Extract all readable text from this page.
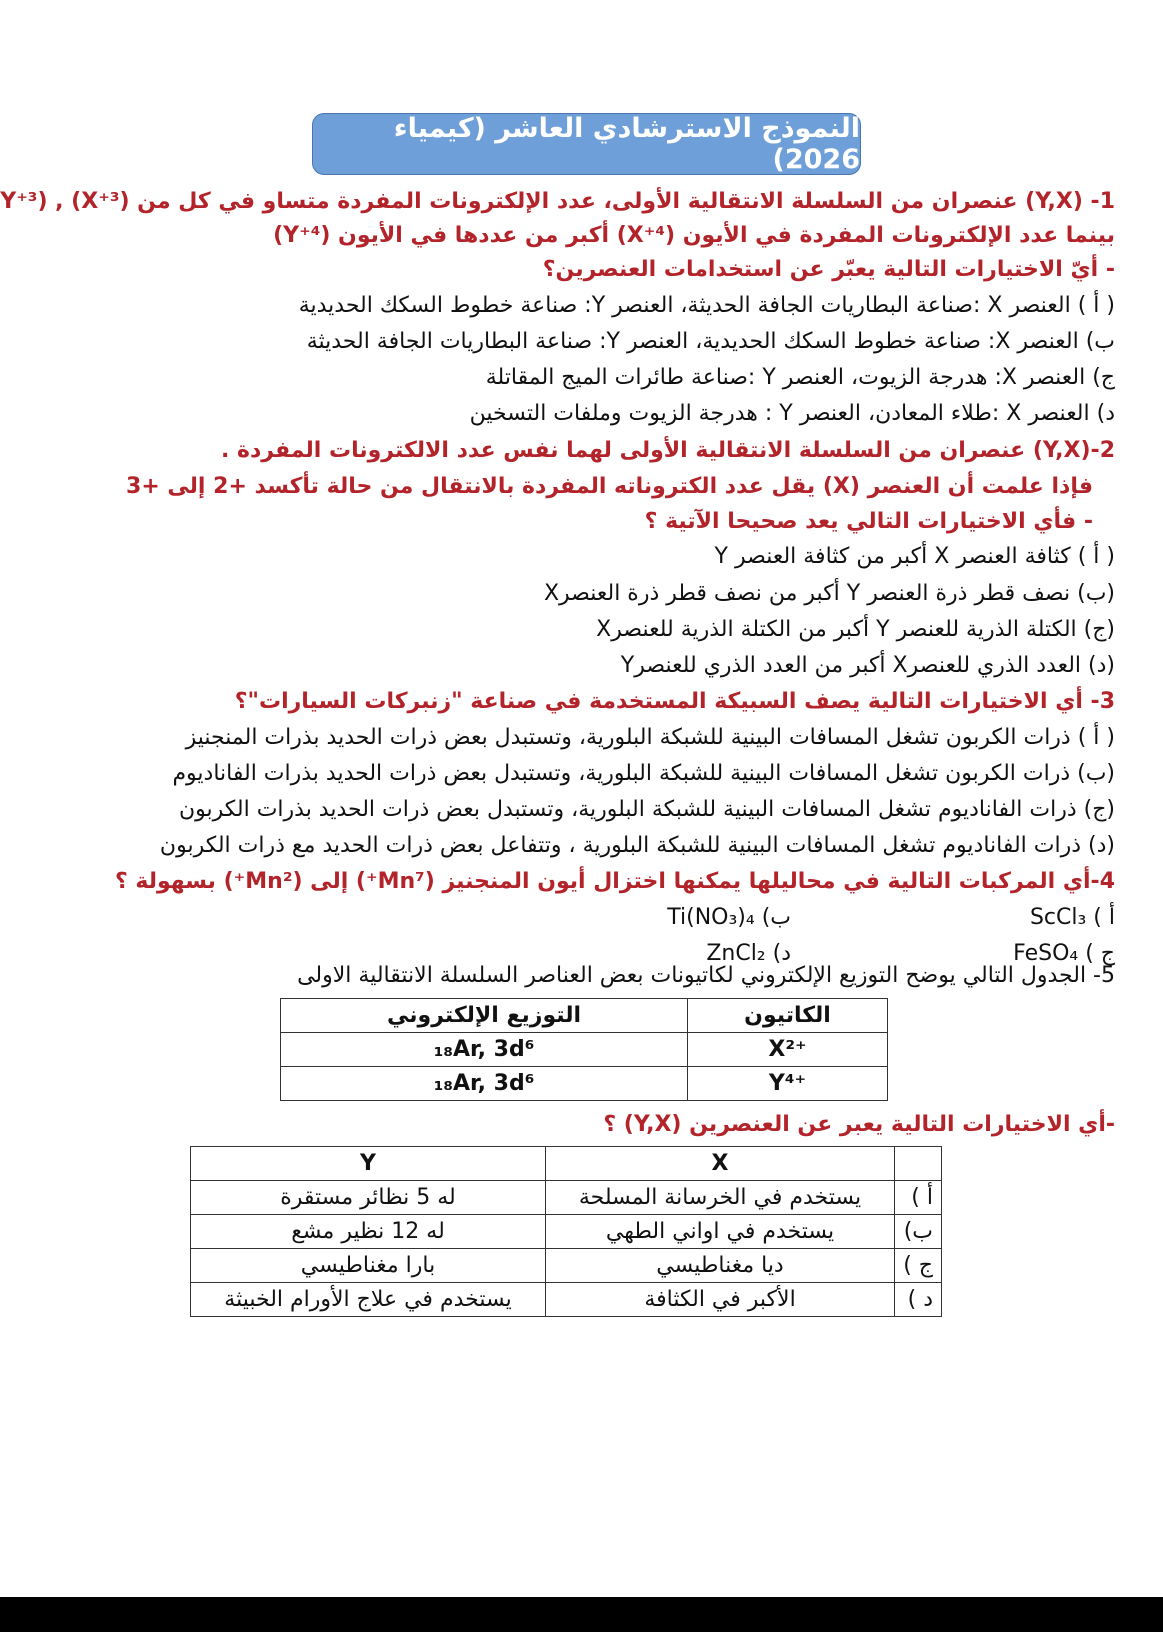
النموذج الاسترشادي العاشر (كيمياء 2026)
1- (Y,X) عنصران من السلسلة الانتقالية الأولى، عدد الإلكترونات المفردة متساو في كل من (X⁺³) , (Y⁺³
بينما عدد الإلكترونات المفردة في الأيون (X⁺⁴) أكبر من عددها في الأيون (Y⁺⁴)
- أيّ الاختيارات التالية يعبّر عن استخدامات العنصرين؟
( أ ) العنصر X :صناعة البطاريات الجافة الحديثة، العنصر Y: صناعة خطوط السكك الحديدية
ب) العنصر X: صناعة خطوط السكك الحديدية، العنصر Y: صناعة البطاريات الجافة الحديثة
ج) العنصر X: هدرجة الزيوت، العنصر Y :صناعة طائرات الميج المقاتلة
د) العنصر X :طلاء المعادن، العنصر Y : هدرجة الزيوت وملفات التسخين
2-(Y,X) عنصران من السلسلة الانتقالية الأولى لهما نفس عدد الالكترونات المفردة .
فإذا علمت أن العنصر (X) يقل عدد الكتروناته المفردة بالانتقال من حالة تأكسد +2 إلى +3
- فأي الاختيارات التالي يعد صحيحا الآتية ؟
( أ ) كثافة العنصر X أكبر من كثافة العنصر Y
(ب) نصف قطر ذرة العنصر Y أكبر من نصف قطر ذرة العنصرX
(ج) الكتلة الذرية للعنصر Y أكبر من الكتلة الذرية للعنصرX
(د) العدد الذري للعنصرX أكبر من العدد الذري للعنصرY
3- أي الاختيارات التالية يصف السبيكة المستخدمة في صناعة "زنبركات السيارات"؟
( أ ) ذرات الكربون تشغل المسافات البينية للشبكة البلورية، وتستبدل بعض ذرات الحديد بذرات المنجنيز
(ب) ذرات الكربون تشغل المسافات البينية للشبكة البلورية، وتستبدل بعض ذرات الحديد بذرات الفاناديوم
(ج) ذرات الفاناديوم تشغل المسافات البينية للشبكة البلورية، وتستبدل بعض ذرات الحديد بذرات الكربون
(د) ذرات الفاناديوم تشغل المسافات البينية للشبكة البلورية ، وتتفاعل بعض ذرات الحديد مع ذرات الكربون
4-أي المركبات التالية في محاليلها يمكنها اختزال أيون المنجنيز (Mn⁷⁺) إلى (Mn²⁺) بسهولة ؟
أ ) ScCl₃
ب) Ti(NO₃)₄
ج ) FeSO₄
د) ZnCl₂
5- الجدول التالي يوضح التوزيع الإلكتروني لكاتيونات بعض العناصر السلسلة الانتقالية الاولى
التوزيع الإلكتروني	الكاتيون
₁₈Ar, 3d⁶	X²⁺
₁₈Ar, 3d⁶	Y⁴⁺
-أي الاختيارات التالية يعبر عن العنصرين (Y,X) ؟
Y	X	
له 5 نظائر مستقرة	يستخدم في الخرسانة المسلحة	أ )
له 12 نظير مشع	يستخدم في اواني الطهي	ب)
بارا مغناطيسي	ديا مغناطيسي	ج )
يستخدم في علاج الأورام الخبيثة	الأكبر في الكثافة	د )
